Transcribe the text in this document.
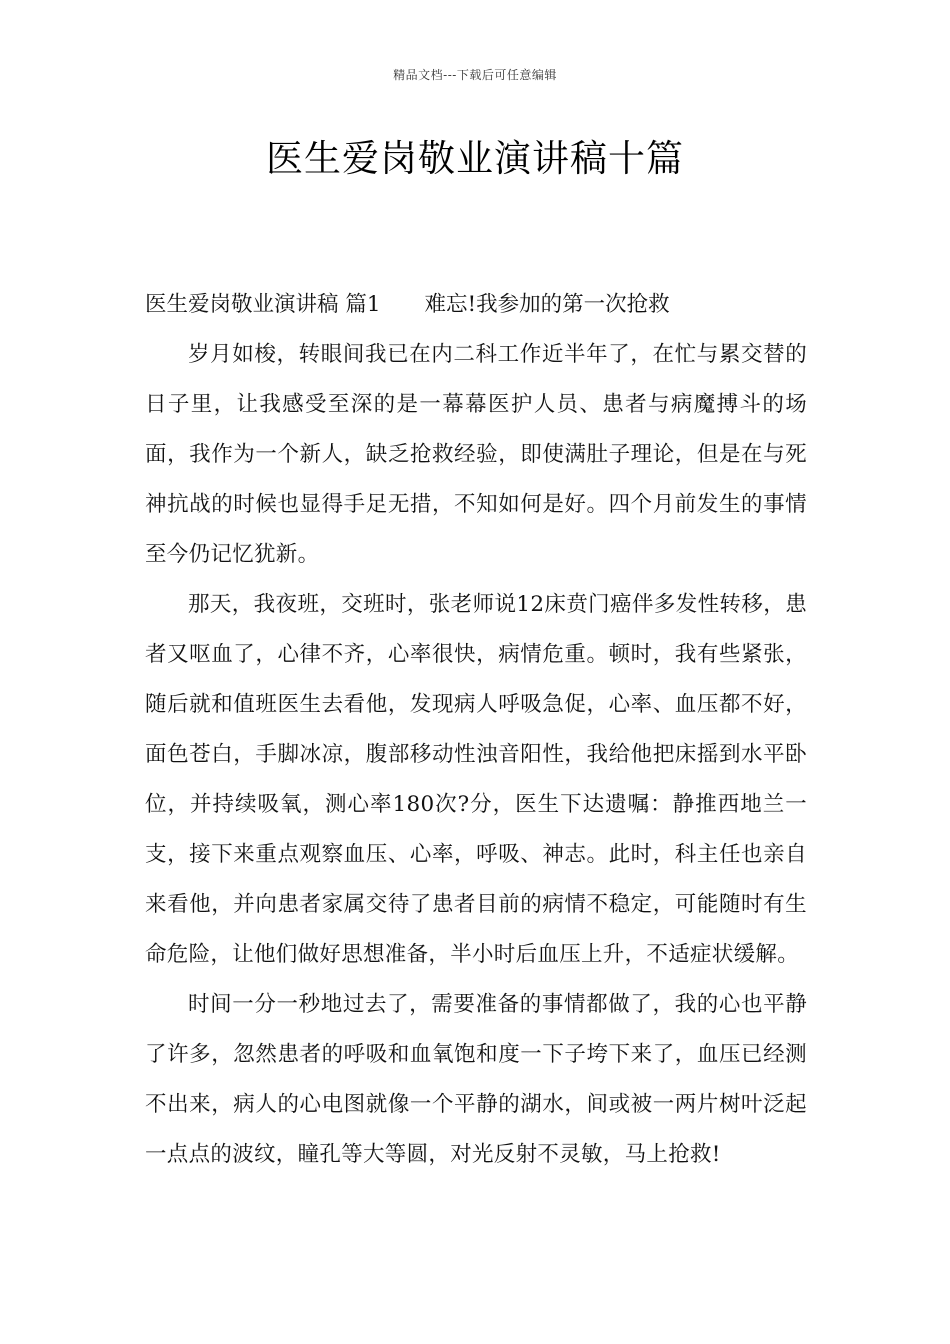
精品文档---下载后可任意编辑
医生爱岗敬业演讲稿十篇
医生爱岗敬业演讲稿 篇1 难忘!我参加的第一次抢救

岁月如梭，转眼间我已在内二科工作近半年了，在忙与累交替的日子里，让我感受至深的是一幕幕医护人员、患者与病魔搏斗的场面，我作为一个新人，缺乏抢救经验，即使满肚子理论，但是在与死神抗战的时候也显得手足无措，不知如何是好。四个月前发生的事情至今仍记忆犹新。

那天，我夜班，交班时，张老师说12床贲门癌伴多发性转移，患者又呕血了，心律不齐，心率很快，病情危重。顿时，我有些紧张，随后就和值班医生去看他，发现病人呼吸急促，心率、血压都不好，面色苍白，手脚冰凉，腹部移动性浊音阳性，我给他把床摇到水平卧位，并持续吸氧，测心率180次?分，医生下达遗嘱：静推西地兰一支，接下来重点观察血压、心率，呼吸、神志。此时，科主任也亲自来看他，并向患者家属交待了患者目前的病情不稳定，可能随时有生命危险，让他们做好思想准备，半小时后血压上升，不适症状缓解。

时间一分一秒地过去了，需要准备的事情都做了，我的心也平静了许多，忽然患者的呼吸和血氧饱和度一下子垮下来了，血压已经测不出来，病人的心电图就像一个平静的湖水，间或被一两片树叶泛起一点点的波纹，瞳孔等大等圆，对光反射不灵敏，马上抢救!
